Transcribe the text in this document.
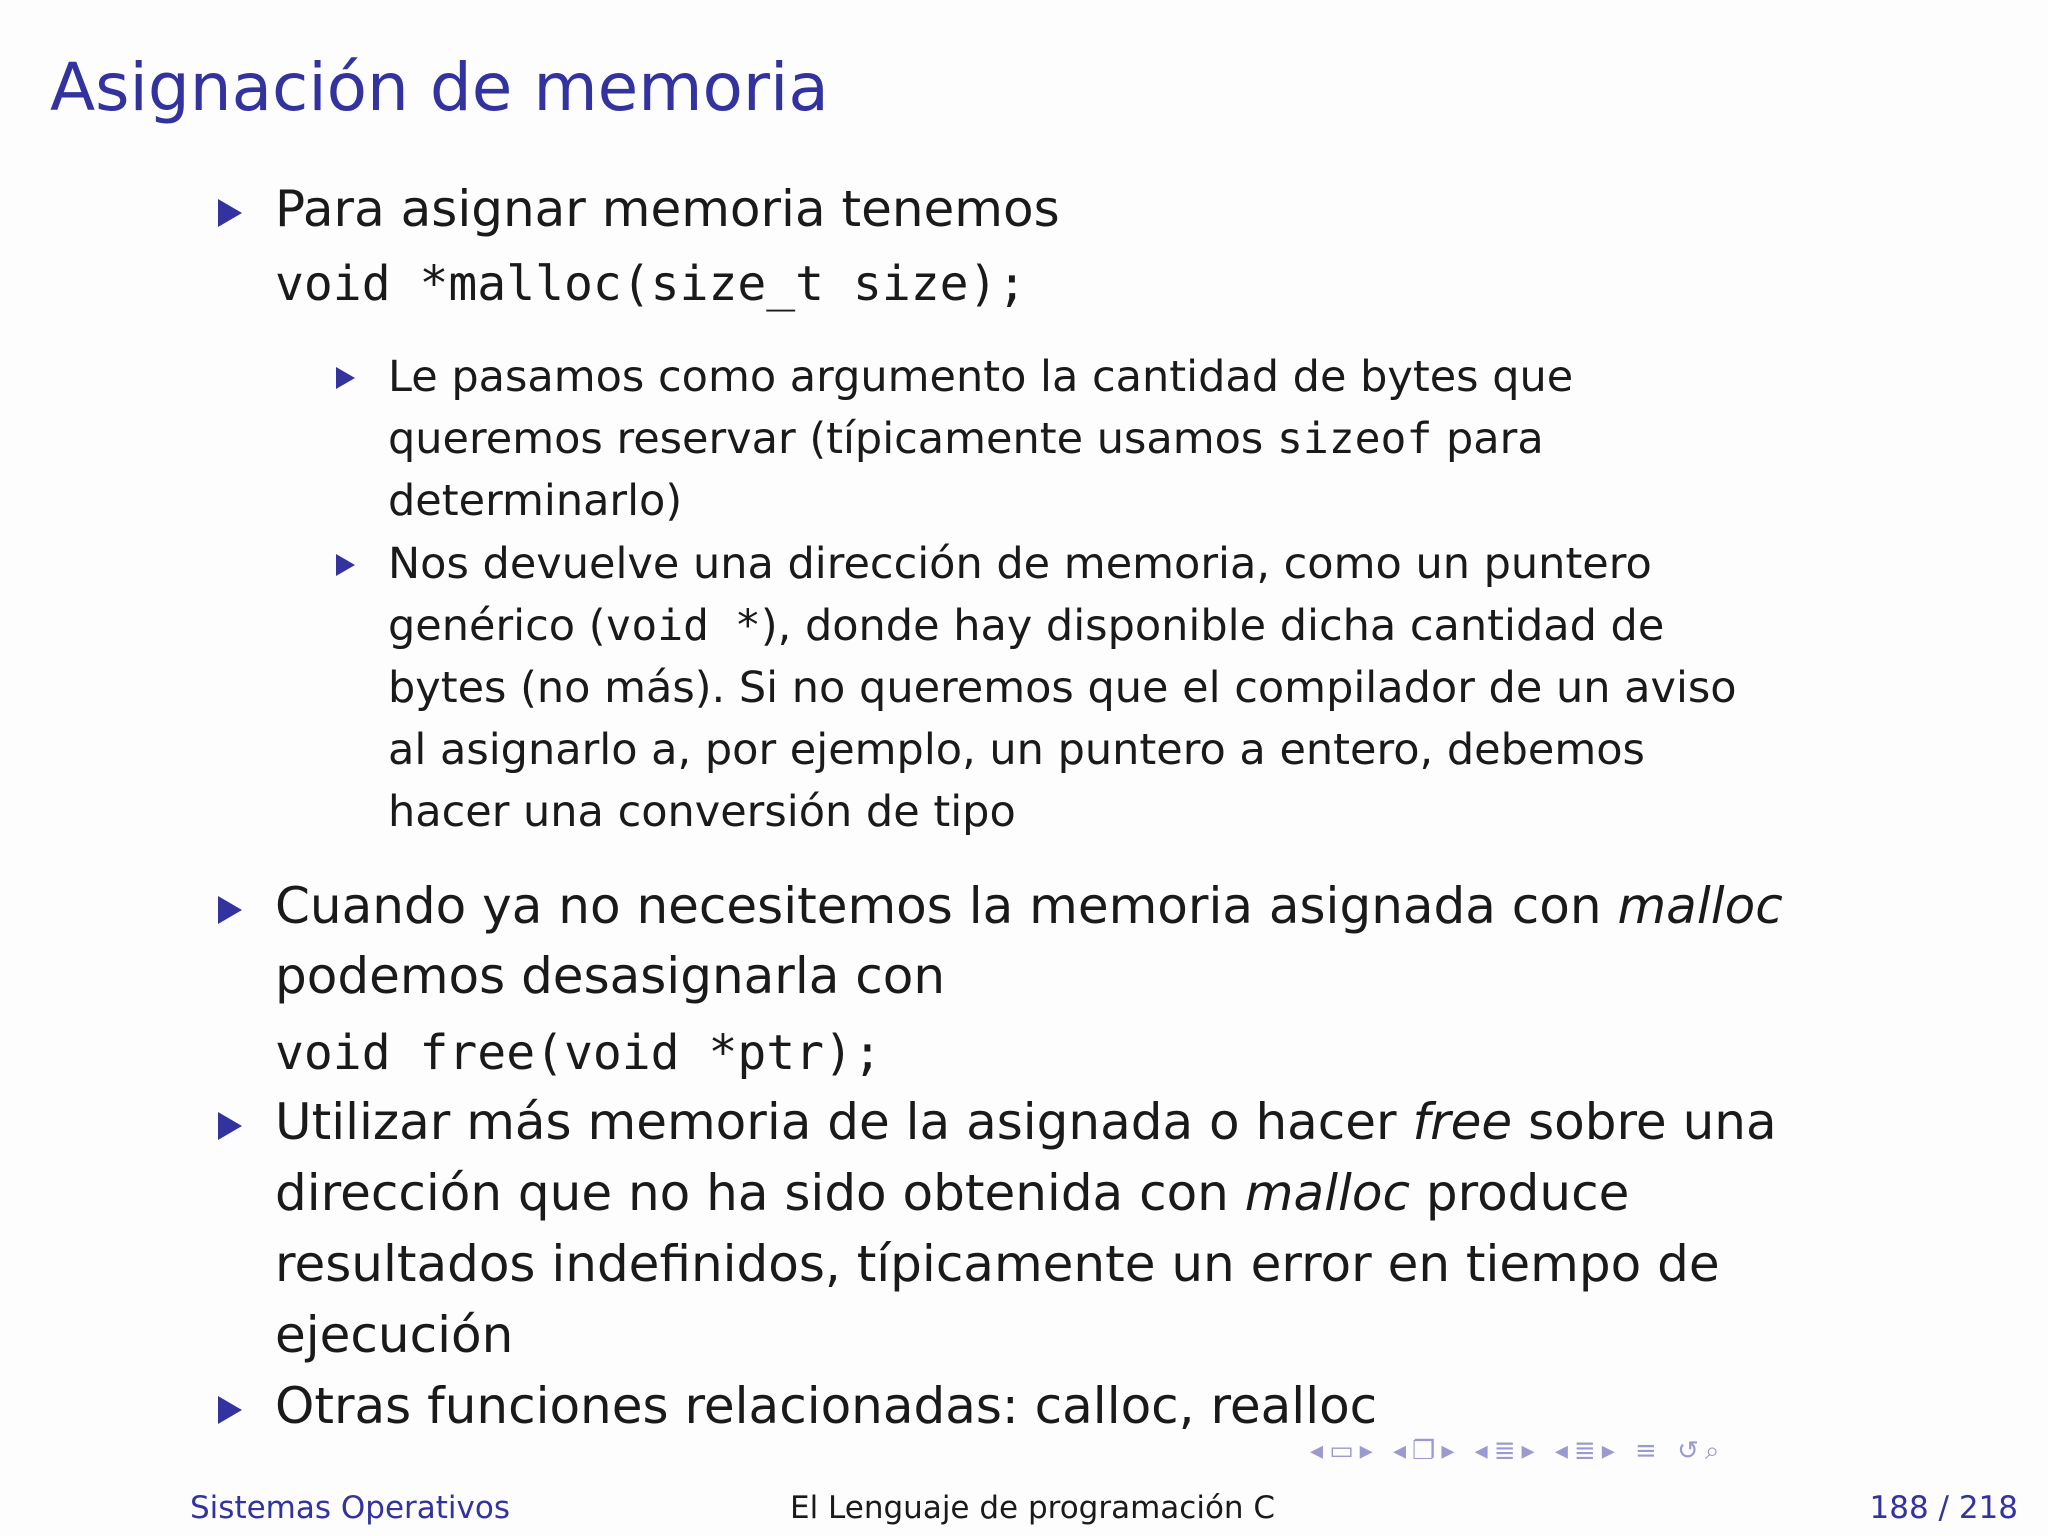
Asignación de memoria
Para asignar memoria tenemos
void *malloc(size_t size);
Le pasamos como argumento la cantidad de bytes que
queremos reservar (típicamente usamos sizeof para
determinarlo)
Nos devuelve una dirección de memoria, como un puntero
genérico (void *), donde hay disponible dicha cantidad de
bytes (no más). Si no queremos que el compilador de un aviso
al asignarlo a, por ejemplo, un puntero a entero, debemos
hacer una conversión de tipo
Cuando ya no necesitemos la memoria asignada con malloc
podemos desasignarla con
void free(void *ptr);
Utilizar más memoria de la asignada o hacer free sobre una
dirección que no ha sido obtenida con malloc produce
resultados indefinidos, típicamente un error en tiempo de
ejecución
Otras funciones relacionadas: calloc, realloc
◂▭▸ ◂❐▸ ◂≣▸ ◂≣▸ ≡ ↺⌕
Sistemas Operativos	El Lenguaje de programación C	188 / 218
